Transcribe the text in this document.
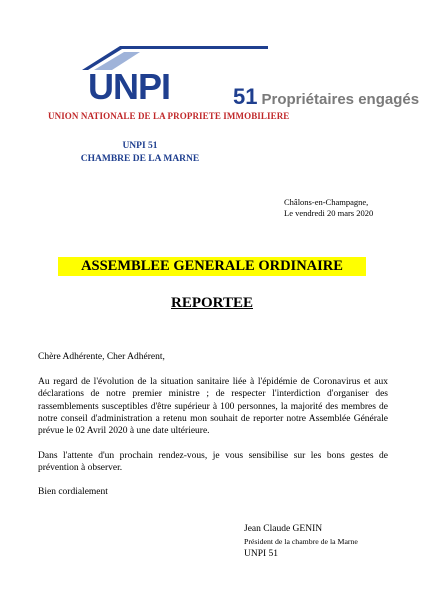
UNPI	51 Propriétaires engagés
UNION NATIONALE DE LA PROPRIETE IMMOBILIERE
UNPI 51
CHAMBRE DE LA MARNE
Châlons-en-Champagne,
Le vendredi 20 mars 2020
ASSEMBLEE GENERALE ORDINAIRE
REPORTEE
Chère Adhérente, Cher Adhérent,
Au regard de l'évolution de la situation sanitaire liée à l'épidémie de Coronavirus et aux déclarations de notre premier ministre ; de respecter l'interdiction d'organiser des rassemblements susceptibles d'être supérieur à 100 personnes, la majorité des membres de notre conseil d'administration a retenu mon souhait de reporter notre Assemblée Générale prévue le 02 Avril 2020 à une date ultérieure.
Dans l'attente d'un prochain rendez-vous, je vous sensibilise sur les bons gestes de prévention à observer.
Bien cordialement
Jean Claude GENIN
Président de la chambre de la Marne
UNPI 51
